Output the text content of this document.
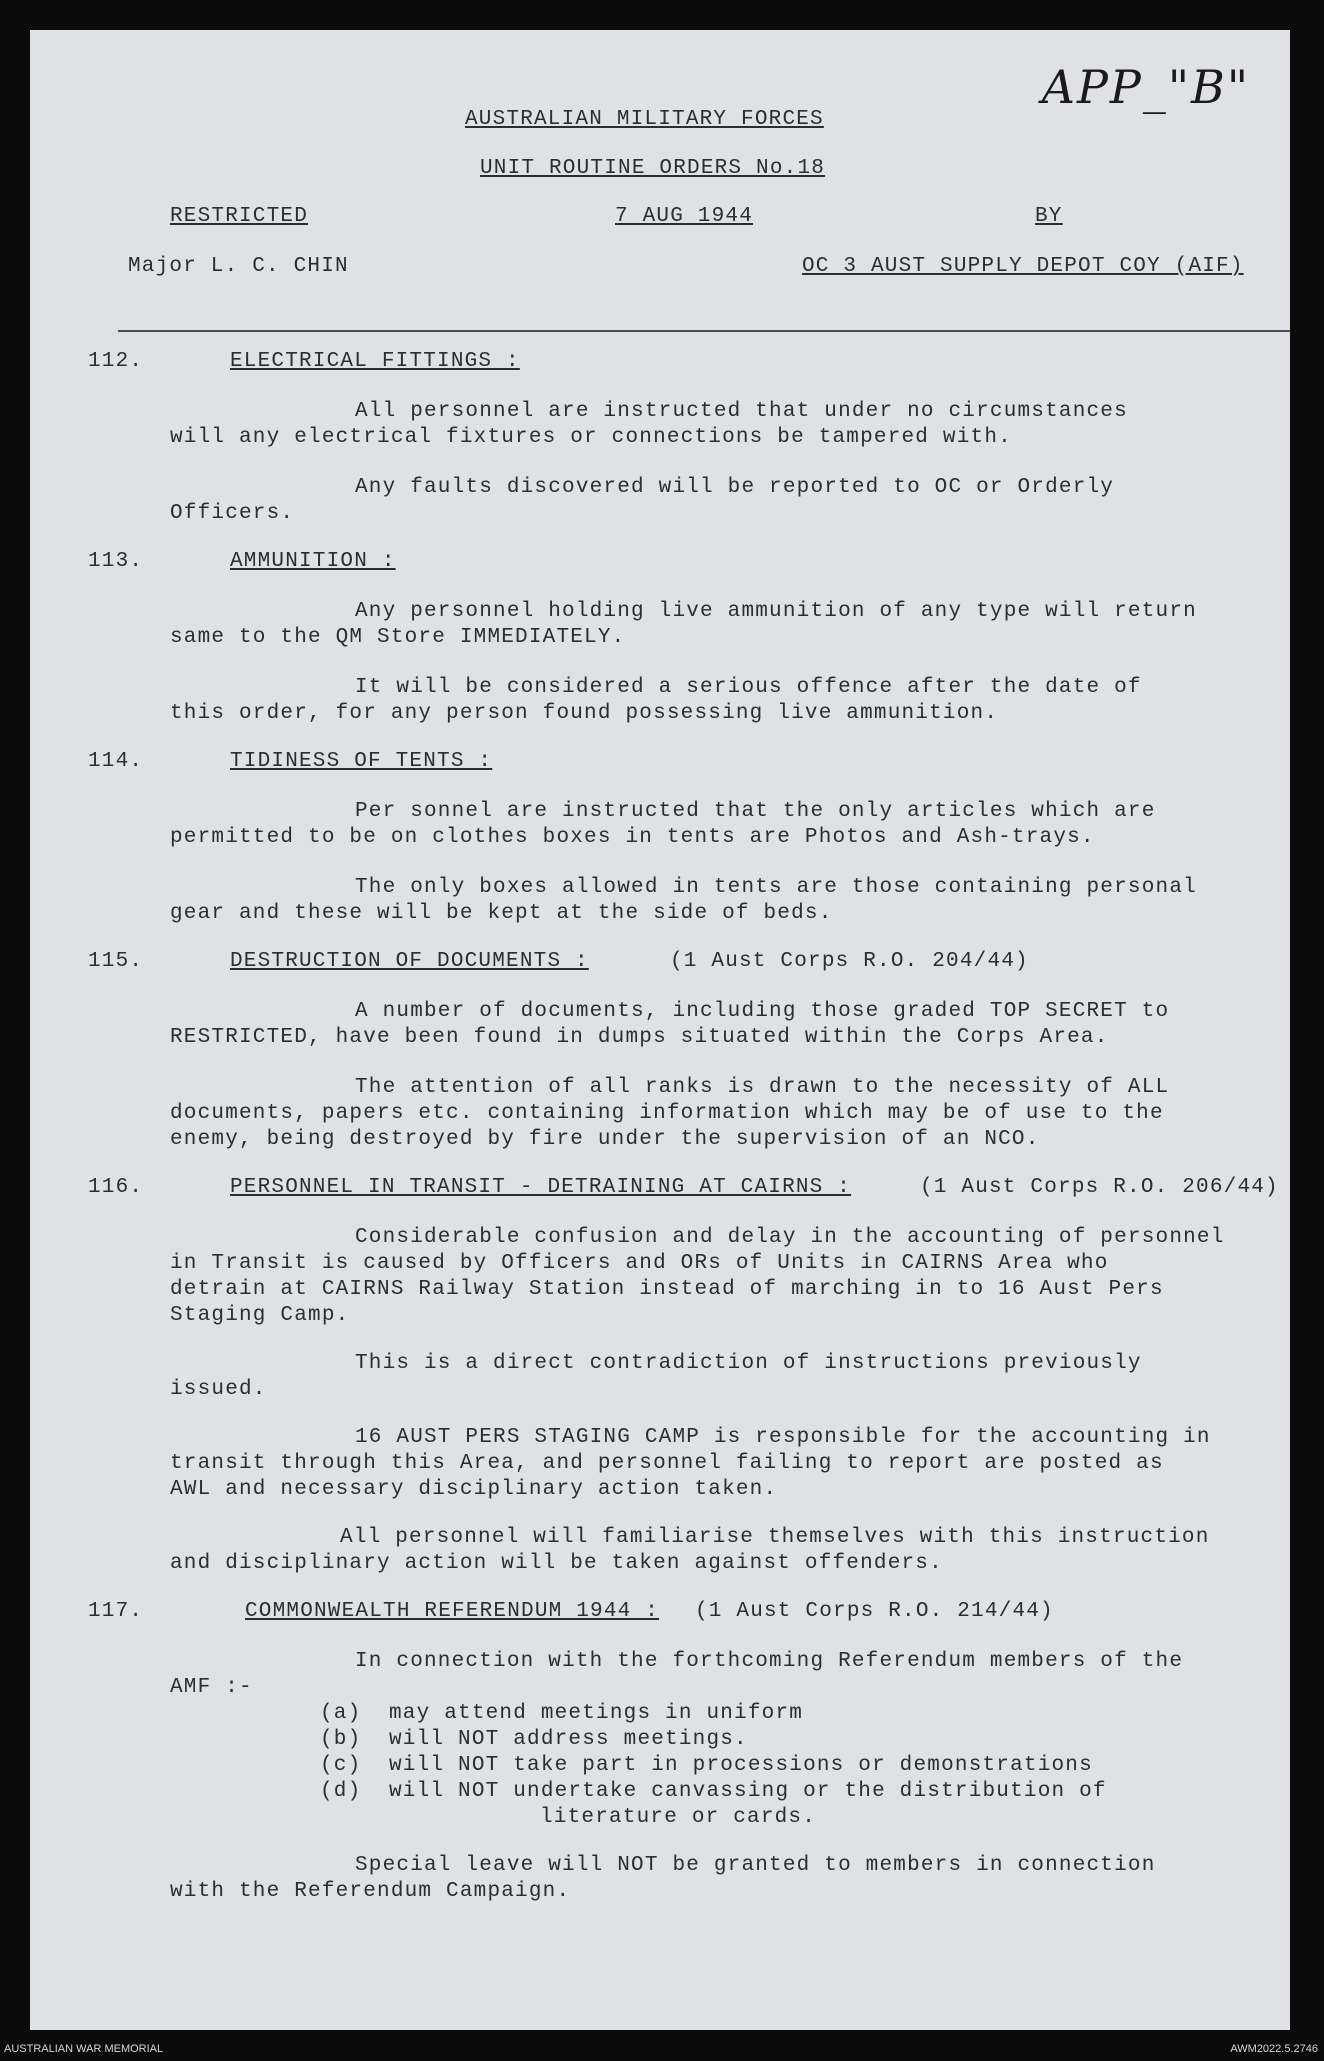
APP_"B"
AUSTRALIAN MILITARY FORCES
UNIT ROUTINE ORDERS No.18
RESTRICTED	7 AUG 1944	BY
Major L. C. CHIN	OC 3 AUST SUPPLY DEPOT COY (AIF)
112.	ELECTRICAL FITTINGS :
All personnel are instructed that under no circumstances
will any electrical fixtures or connections be tampered with.
Any faults discovered will be reported to OC or Orderly
Officers.
113.	AMMUNITION :
Any personnel holding live ammunition of any type will return
same to the QM Store IMMEDIATELY.
It will be considered a serious offence after the date of
this order, for any person found possessing live ammunition.
114.	TIDINESS OF TENTS :
Per sonnel are instructed that the only articles which are
permitted to be on clothes boxes in tents are Photos and Ash-trays.
The only boxes allowed in tents are those containing personal
gear and these will be kept at the side of beds.
115.	DESTRUCTION OF DOCUMENTS :	(1 Aust Corps R.O. 204/44)
A number of documents, including those graded TOP SECRET to
RESTRICTED, have been found in dumps situated within the Corps Area.
The attention of all ranks is drawn to the necessity of ALL
documents, papers etc. containing information which may be of use to the
enemy, being destroyed by fire under the supervision of an NCO.
116.	PERSONNEL IN TRANSIT - DETRAINING AT CAIRNS :	(1 Aust Corps R.O. 206/44)
Considerable confusion and delay in the accounting of personnel
in Transit is caused by Officers and ORs of Units in CAIRNS Area who
detrain at CAIRNS Railway Station instead of marching in to 16 Aust Pers
Staging Camp.
This is a direct contradiction of instructions previously
issued.
16 AUST PERS STAGING CAMP is responsible for the accounting in
transit through this Area, and personnel failing to report are posted as
AWL and necessary disciplinary action taken.
All personnel will familiarise themselves with this instruction
and disciplinary action will be taken against offenders.
117.	COMMONWEALTH REFERENDUM 1944 : (1 Aust Corps R.O. 214/44)
In connection with the forthcoming Referendum members of the
AMF :-
(a)  may attend meetings in uniform
(b)  will NOT address meetings.
(c)  will NOT take part in processions or demonstrations
(d)  will NOT undertake canvassing or the distribution of
literature or cards.
Special leave will NOT be granted to members in connection
with the Referendum Campaign.
AUSTRALIAN WAR MEMORIAL	AWM2022.5.2746
